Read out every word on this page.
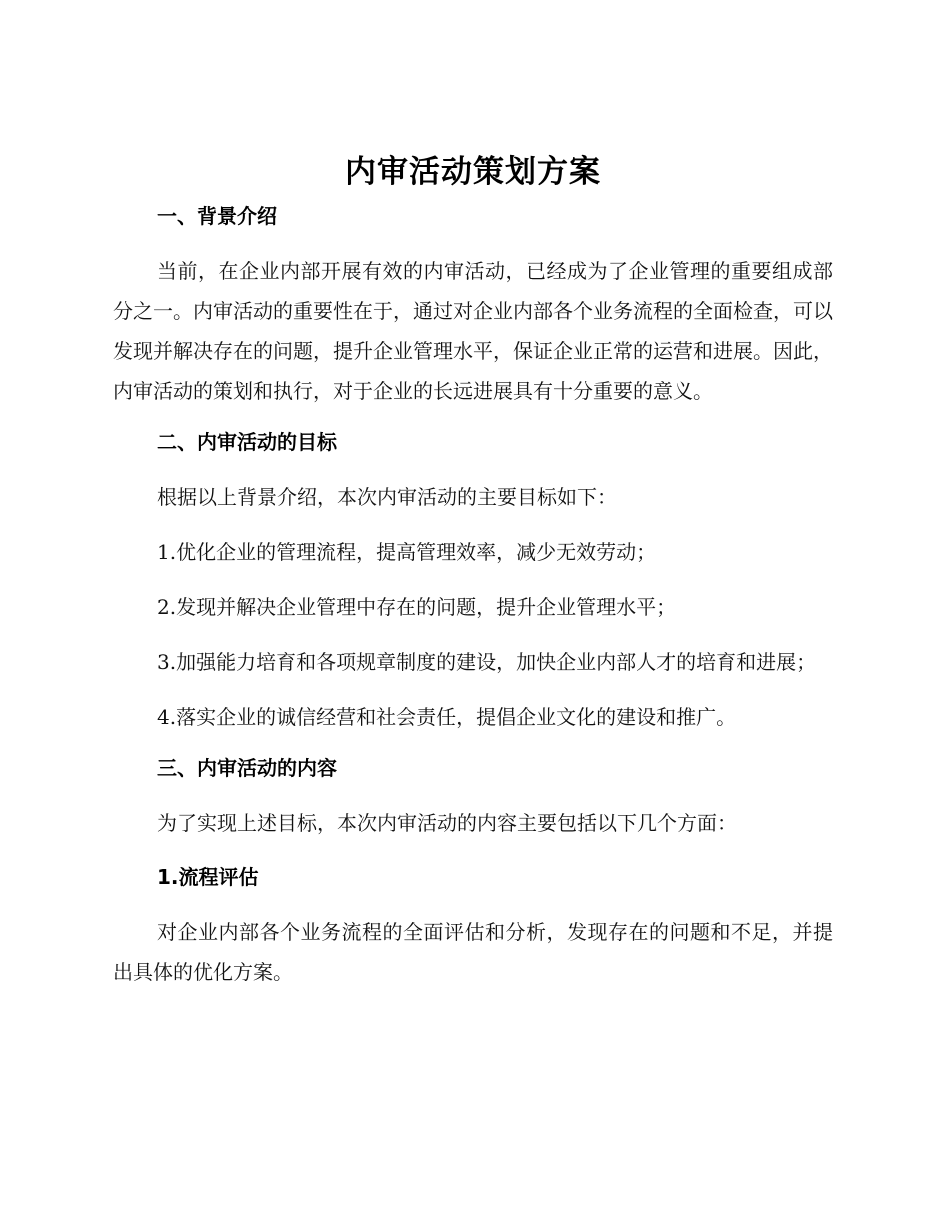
内审活动策划方案
一、背景介绍

当前，在企业内部开展有效的内审活动，已经成为了企业管理的重要组成部分之一。内审活动的重要性在于，通过对企业内部各个业务流程的全面检查，可以发现并解决存在的问题，提升企业管理水平，保证企业正常的运营和进展。因此，内审活动的策划和执行，对于企业的长远进展具有十分重要的意义。

二、内审活动的目标

根据以上背景介绍，本次内审活动的主要目标如下：

1.优化企业的管理流程，提高管理效率，减少无效劳动；

2.发现并解决企业管理中存在的问题，提升企业管理水平；

3.加强能力培育和各项规章制度的建设，加快企业内部人才的培育和进展；

4.落实企业的诚信经营和社会责任，提倡企业文化的建设和推广。

三、内审活动的内容

为了实现上述目标，本次内审活动的内容主要包括以下几个方面：

1.流程评估

对企业内部各个业务流程的全面评估和分析，发现存在的问题和不足，并提出具体的优化方案。
